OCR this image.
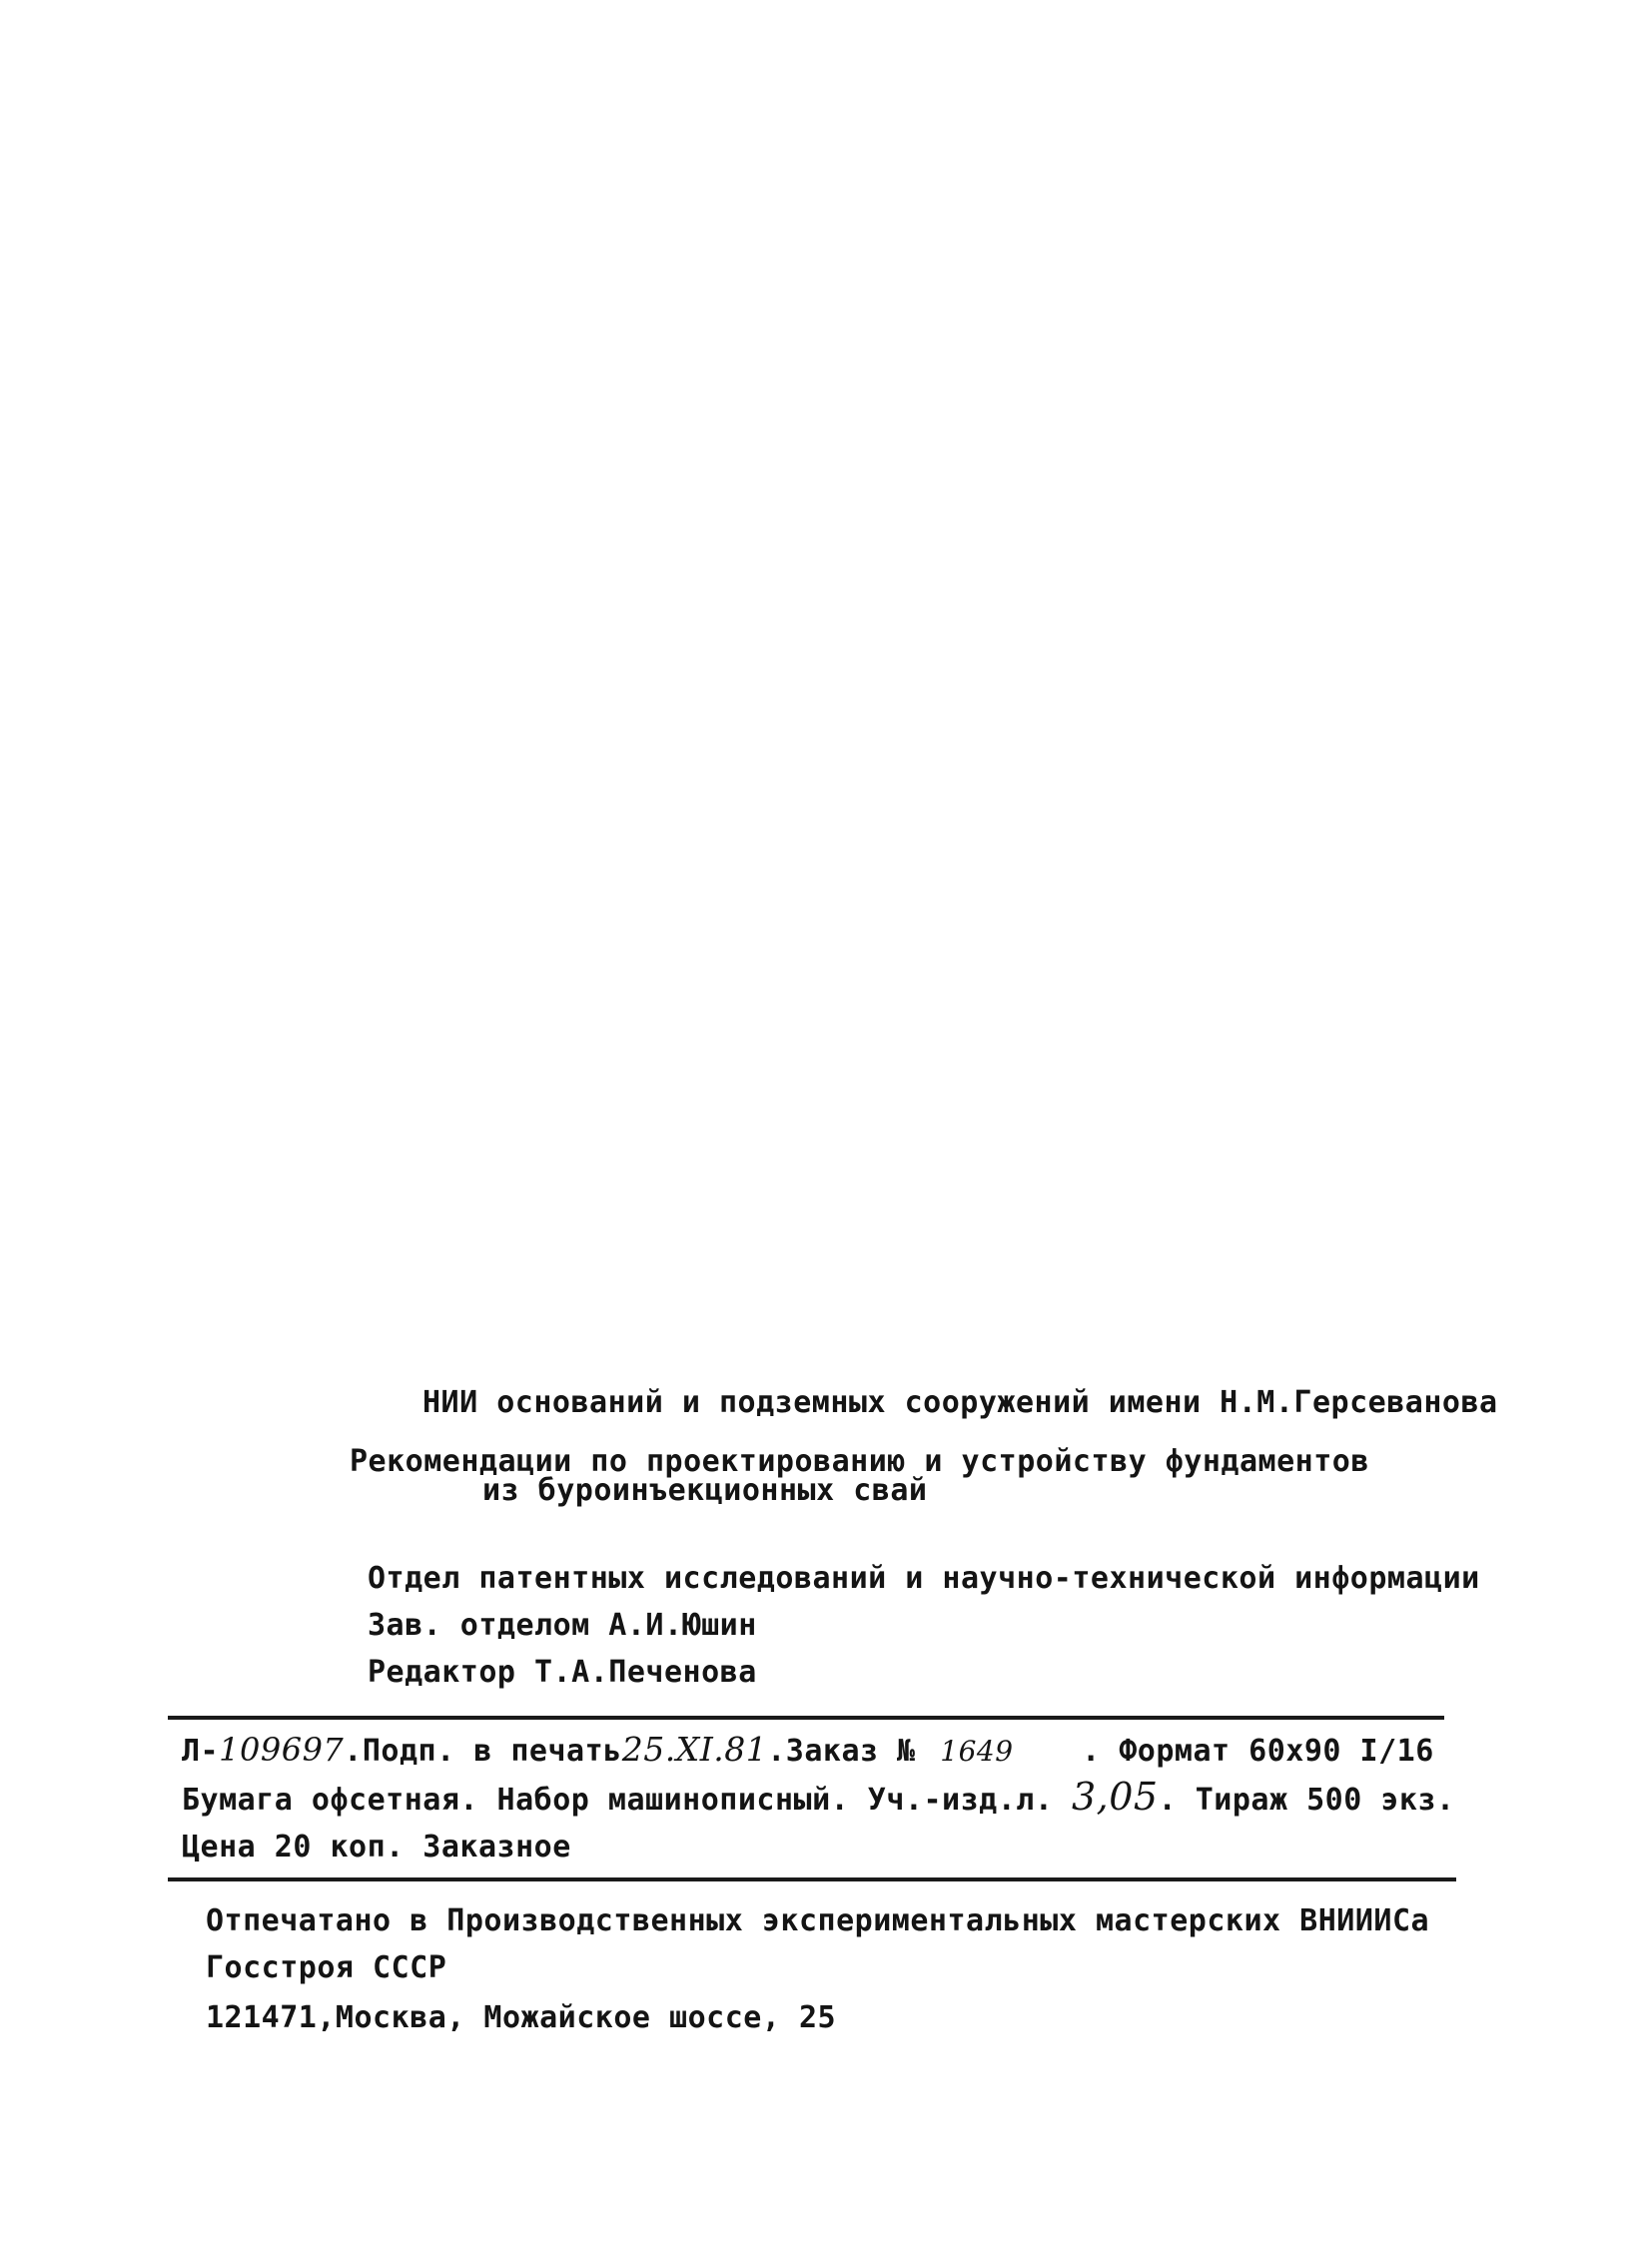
НИИ оснований и подземных сооружений имени Н.М.Герсеванова
Рекомендации по проектированию и устройству фундаментов
из буроинъекционных свай
Отдел патентных исследований и научно-технической информации
Зав. отделом А.И.Юшин
Редактор Т.А.Печенова
Л-109697.Подп. в печать25.XI.81.Заказ № 1649 . Формат 60х90 I/16
Бумага офсетная. Набор машинописный. Уч.-изд.л. 3,05. Тираж 500 экз.
Цена 20 коп. Заказное
Отпечатано в Производственных экспериментальных мастерских ВНИИИСа
Госстроя СССР
121471,Москва, Можайское шоссе, 25
